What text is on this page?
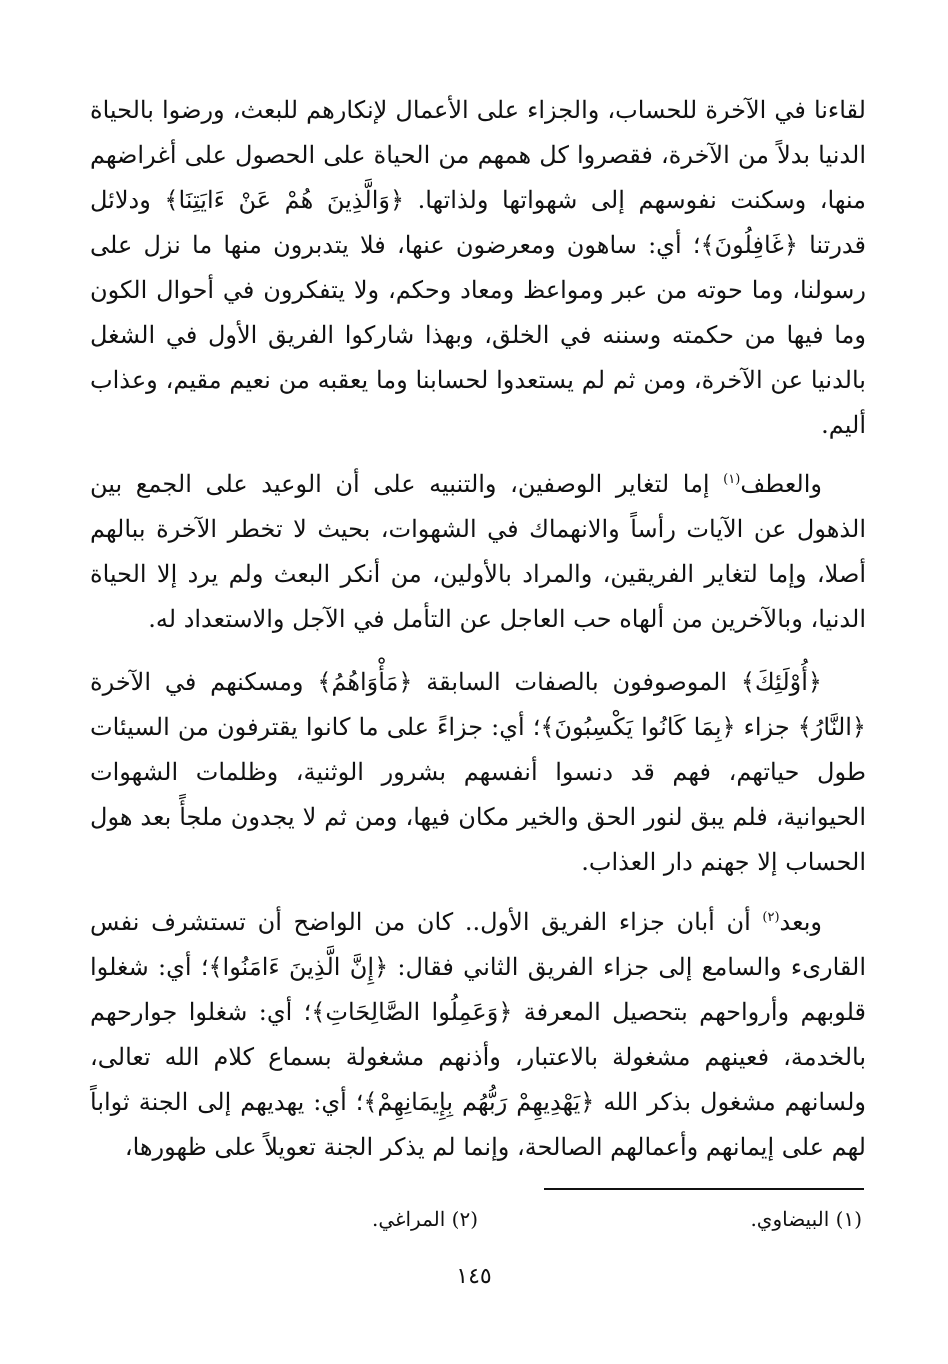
لقاءنا في الآخرة للحساب، والجزاء على الأعمال لإنكارهم للبعث، ورضوا بالحياة الدنيا بدلاً من الآخرة، فقصروا كل همهم من الحياة على الحصول على أغراضهم منها، وسكنت نفوسهم إلى شهواتها ولذاتها. ﴿وَالَّذِينَ هُمْ عَنْ ءَايَتِنَا﴾ ودلائل قدرتنا ﴿غَافِلُونَ﴾؛ أي: ساهون ومعرضون عنها، فلا يتدبرون منها ما نزل على رسولنا، وما حوته من عبر ومواعظ ومعاد وحكم، ولا يتفكرون في أحوال الكون وما فيها من حكمته وسننه في الخلق، وبهذا شاركوا الفريق الأول في الشغل بالدنيا عن الآخرة، ومن ثم لم يستعدوا لحسابنا وما يعقبه من نعيم مقيم، وعذاب أليم.

والعطف$^{(١)}$ إما لتغاير الوصفين، والتنبيه على أن الوعيد على الجمع بين الذهول عن الآيات رأساً والانهماك في الشهوات، بحيث لا تخطر الآخرة ببالهم أصلا، وإما لتغاير الفريقين، والمراد بالأولين، من أنكر البعث ولم يرد إلا الحياة الدنيا، وبالآخرين من ألهاه حب العاجل عن التأمل في الآجل والاستعداد له.

﴿أُوْلَئِكَ﴾ الموصوفون بالصفات السابقة ﴿مَأْوَاهُمُ﴾ ومسكنهم في الآخرة ﴿النَّارُ﴾ جزاء ﴿بِمَا كَانُوا يَكْسِبُونَ﴾؛ أي: جزاءً على ما كانوا يقترفون من السيئات طول حياتهم، فهم قد دنسوا أنفسهم بشرور الوثنية، وظلمات الشهوات الحيوانية، فلم يبق لنور الحق والخير مكان فيها، ومن ثم لا يجدون ملجأً بعد هول الحساب إلا جهنم دار العذاب.

وبعد$^{(٢)}$ أن أبان جزاء الفريق الأول.. كان من الواضح أن تستشرف نفس القارىء والسامع إلى جزاء الفريق الثاني فقال: ﴿إِنَّ الَّذِينَ ءَامَنُوا﴾؛ أي: شغلوا قلوبهم وأرواحهم بتحصيل المعرفة ﴿وَعَمِلُوا الصَّالِحَاتِ﴾؛ أي: شغلوا جوارحهم بالخدمة، فعينهم مشغولة بالاعتبار، وأذنهم مشغولة بسماع كلام الله تعالى، ولسانهم مشغول بذكر الله ﴿يَهْدِيهِمْ رَبُّهُم بِإِيمَانِهِمْ﴾؛ أي: يهديهم إلى الجنة ثواباً لهم على إيمانهم وأعمالهم الصالحة، وإنما لم يذكر الجنة تعويلاً على ظهورها،

(١) البيضاوي.
(٢) المراغي.
١٤٥
